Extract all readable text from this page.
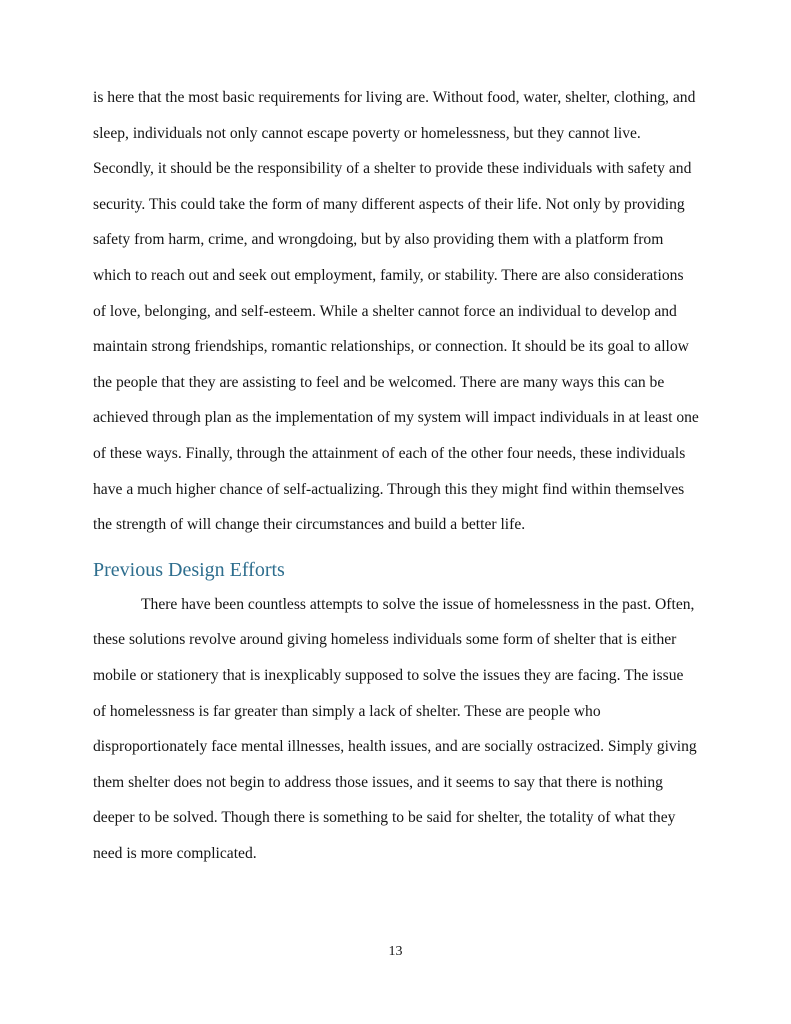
is here that the most basic requirements for living are. Without food, water, shelter, clothing, and sleep, individuals not only cannot escape poverty or homelessness, but they cannot live. Secondly, it should be the responsibility of a shelter to provide these individuals with safety and security. This could take the form of many different aspects of their life. Not only by providing safety from harm, crime, and wrongdoing, but by also providing them with a platform from which to reach out and seek out employment, family, or stability. There are also considerations of love, belonging, and self-esteem. While a shelter cannot force an individual to develop and maintain strong friendships, romantic relationships, or connection. It should be its goal to allow the people that they are assisting to feel and be welcomed. There are many ways this can be achieved through plan as the implementation of my system will impact individuals in at least one of these ways. Finally, through the attainment of each of the other four needs, these individuals have a much higher chance of self-actualizing. Through this they might find within themselves the strength of will change their circumstances and build a better life.

Previous Design Efforts

There have been countless attempts to solve the issue of homelessness in the past. Often, these solutions revolve around giving homeless individuals some form of shelter that is either mobile or stationery that is inexplicably supposed to solve the issues they are facing. The issue of homelessness is far greater than simply a lack of shelter. These are people who disproportionately face mental illnesses, health issues, and are socially ostracized. Simply giving them shelter does not begin to address those issues, and it seems to say that there is nothing deeper to be solved. Though there is something to be said for shelter, the totality of what they need is more complicated.

13
